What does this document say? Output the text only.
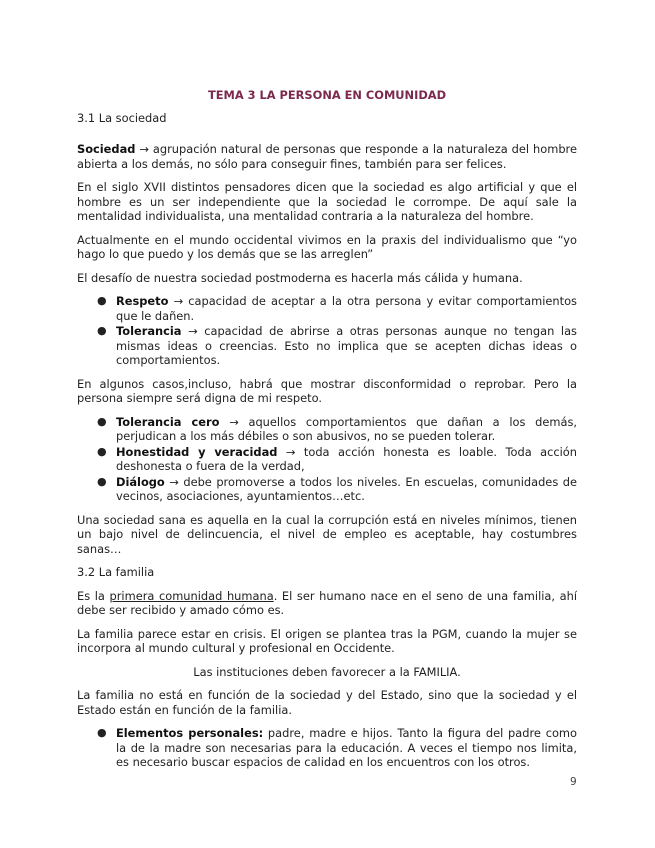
TEMA 3 LA PERSONA EN COMUNIDAD
3.1 La sociedad

Sociedad → agrupación natural de personas que responde a la naturaleza del hombre abierta a los demás, no sólo para conseguir fines, también para ser felices.

En el siglo XVII distintos pensadores dicen que la sociedad es algo artificial y que el hombre es un ser independiente que la sociedad le corrompe. De aquí sale la mentalidad individualista, una mentalidad contraria a la naturaleza del hombre.

Actualmente en el mundo occidental vivimos en la praxis del individualismo que “yo hago lo que puedo y los demás que se las arreglen”

El desafío de nuestra sociedad postmoderna es hacerla más cálida y humana.

● Respeto → capacidad de aceptar a la otra persona y evitar comportamientos que le dañen.
● Tolerancia → capacidad de abrirse a otras personas aunque no tengan las mismas ideas o creencias. Esto no implica que se acepten dichas ideas o comportamientos.

En algunos casos,incluso, habrá que mostrar disconformidad o reprobar. Pero la persona siempre será digna de mi respeto.

● Tolerancia cero → aquellos comportamientos que dañan a los demás, perjudican a los más débiles o son abusivos, no se pueden tolerar.
● Honestidad y veracidad → toda acción honesta es loable. Toda acción deshonesta o fuera de la verdad,
● Diálogo → debe promoverse a todos los niveles. En escuelas, comunidades de vecinos, asociaciones, ayuntamientos…etc.

Una sociedad sana es aquella en la cual la corrupción está en niveles mínimos, tienen un bajo nivel de delincuencia, el nivel de empleo es aceptable, hay costumbres sanas…

3.2 La familia

Es la primera comunidad humana. El ser humano nace en el seno de una familia, ahí debe ser recibido y amado cómo es.

La familia parece estar en crisis. El origen se plantea tras la PGM, cuando la mujer se incorpora al mundo cultural y profesional en Occidente.

Las instituciones deben favorecer a la FAMILIA.

La familia no está en función de la sociedad y del Estado, sino que la sociedad y el Estado están en función de la familia.

● Elementos personales: padre, madre e hijos. Tanto la figura del padre como la de la madre son necesarias para la educación. A veces el tiempo nos limita, es necesario buscar espacios de calidad en los encuentros con los otros.
9
